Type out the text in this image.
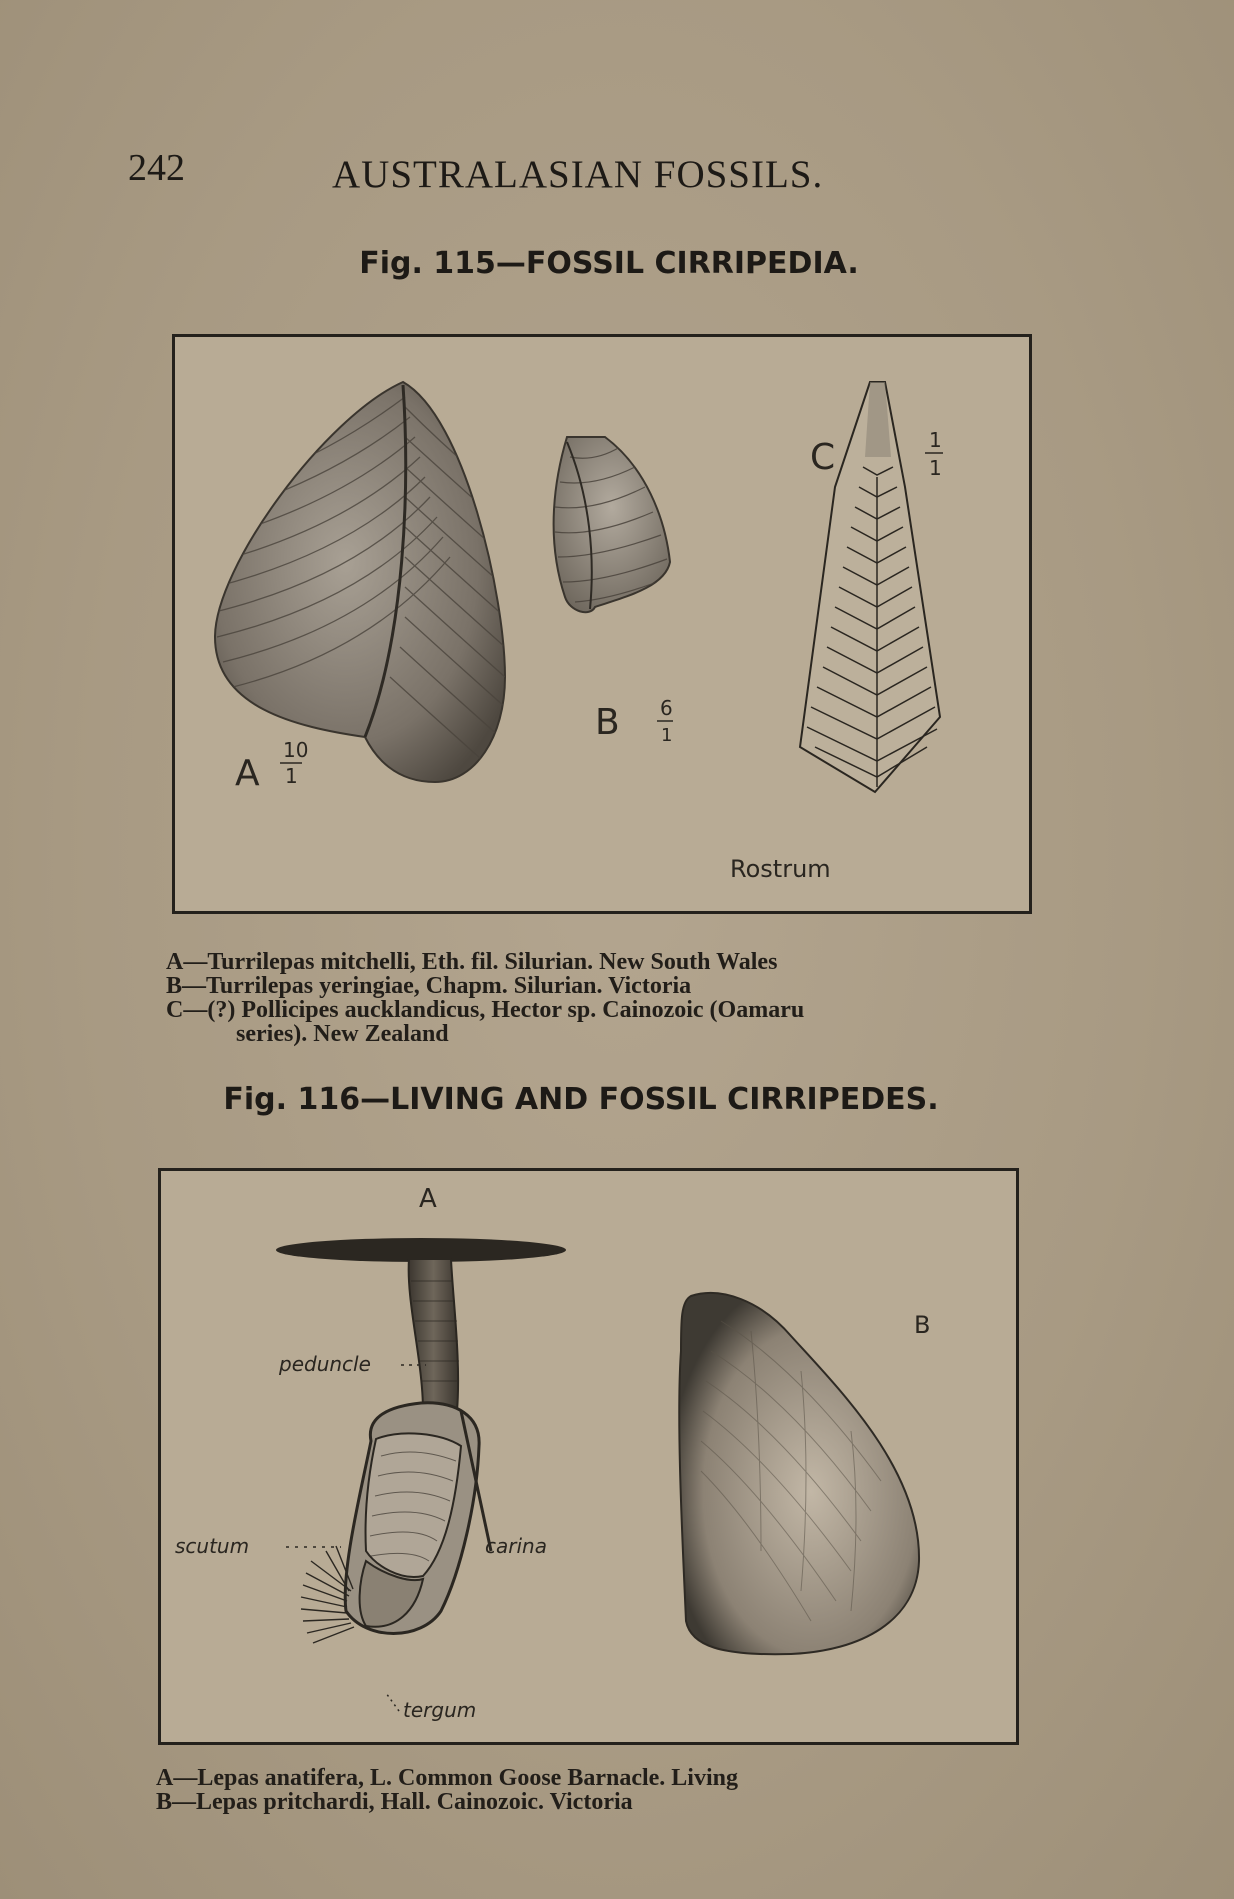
242	AUSTRALASIAN FOSSILS.
Fig. 115—FOSSIL CIRRIPEDIA.
A
10
1
B 6
1
C	1
1
Rostrum
A—Turrilepas mitchelli, Eth. fil. Silurian. New South Wales
B—Turrilepas yeringiae, Chapm. Silurian. Victoria
C—(?) Pollicipes aucklandicus, Hector sp. Cainozoic (Oamaru
series). New Zealand
Fig. 116—LIVING AND FOSSIL CIRRIPEDES.
A
B
peduncle
scutum	carina
tergum
A—Lepas anatifera, L. Common Goose Barnacle. Living
B—Lepas pritchardi, Hall. Cainozoic. Victoria
